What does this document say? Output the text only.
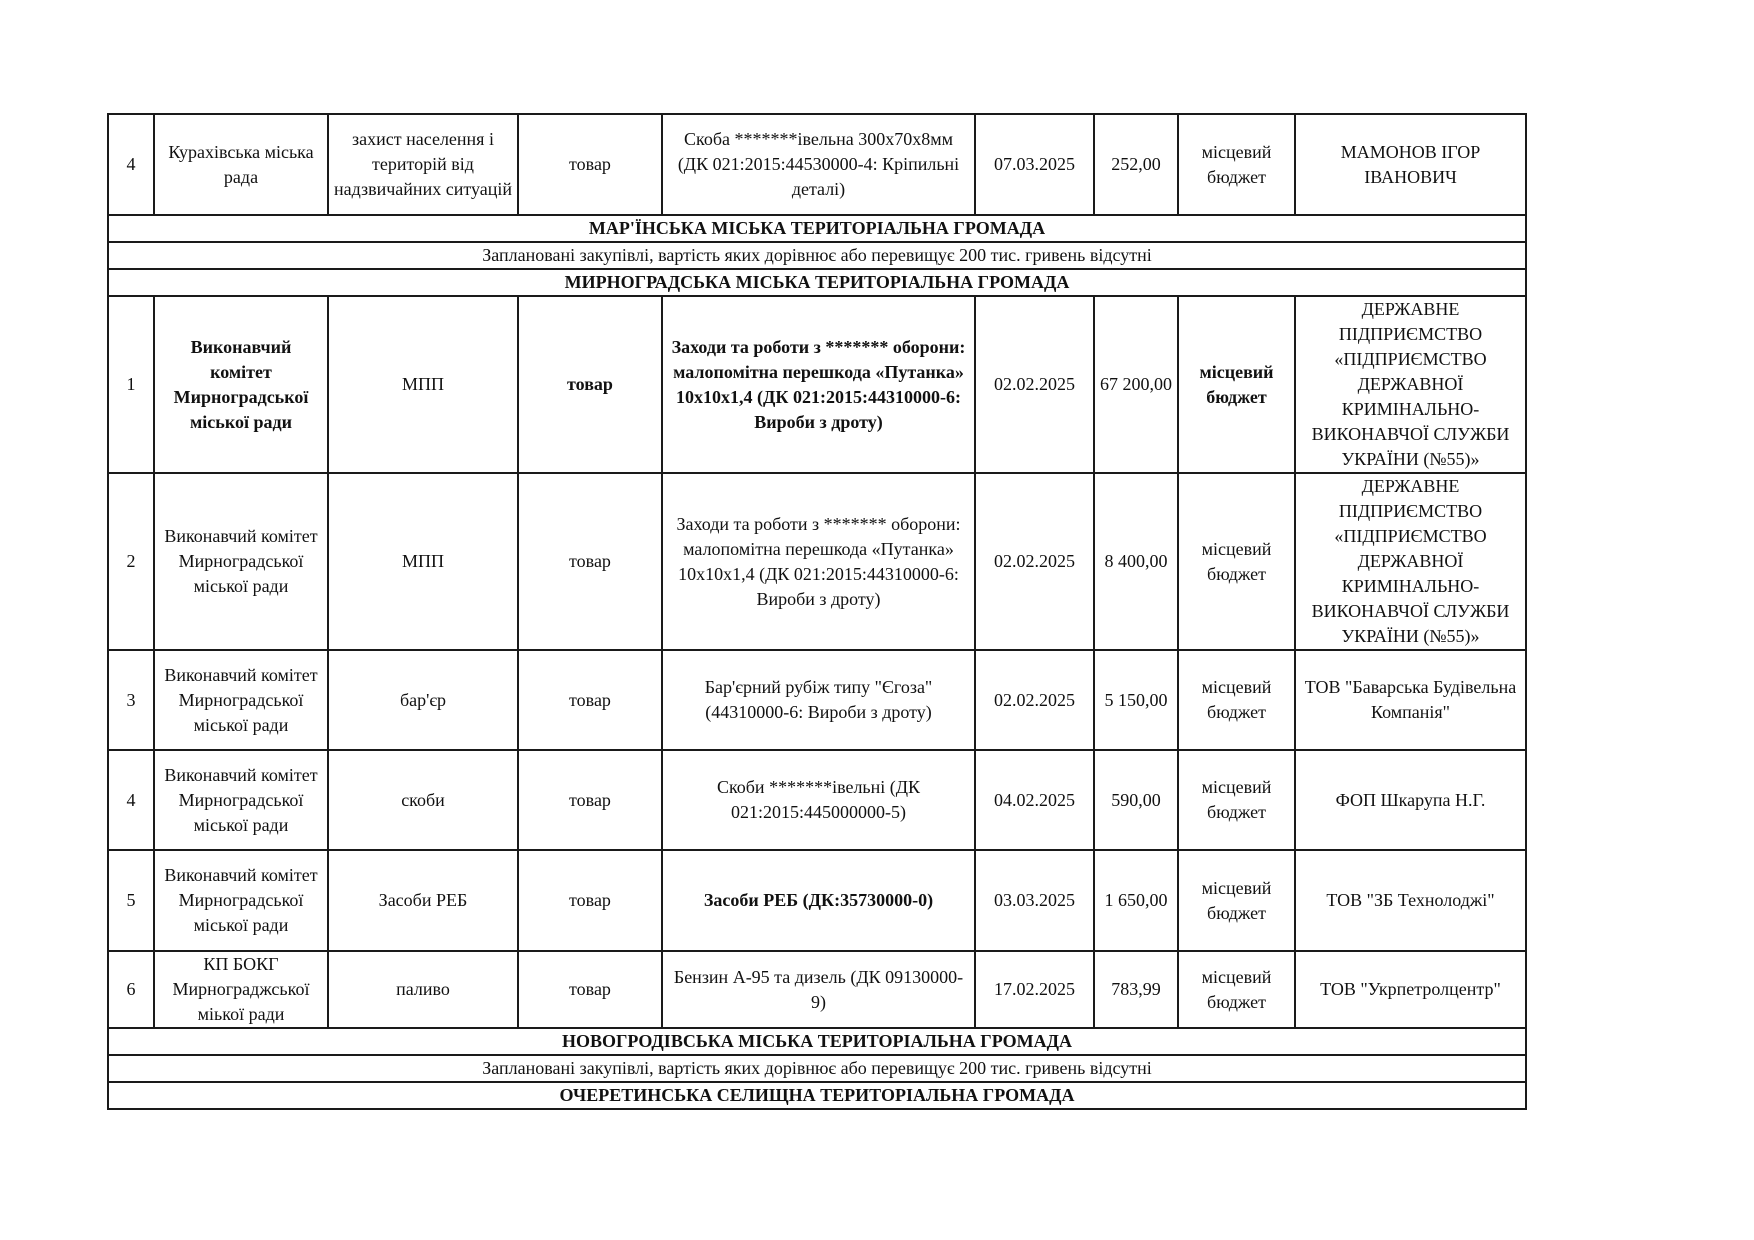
4	Кураxівська міська рада	захист населення і територій від надзвичайних ситуацій	товар	Скоба *******івельна 300х70х8мм (ДК 021:2015:44530000-4: Кріпильні деталі)	07.03.2025	252,00	місцевий бюджет	МАМОНОВ ІГОР ІВАНОВИЧ
МАР'ЇНСЬКА МІСЬКА ТЕРИТОРІАЛЬНА ГРОМАДА								
Заплановані закупівлі, вартість яких дорівнює або перевищує 200 тис. гривень відсутні								
МИРНОГРАДСЬКА МІСЬКА ТЕРИТОРІАЛЬНА ГРОМАДА								
1	Виконавчий комітет Мирноградської міської ради	МПП	товар	Заходи та роботи з ******* оборони: малопомітна перешкода «Путанка» 10х10х1,4 (ДК 021:2015:44310000-6: Вироби з дроту)	02.02.2025	67 200,00	місцевий бюджет	ДЕРЖАВНЕ ПІДПРИЄМСТВО «ПІДПРИЄМСТВО ДЕРЖАВНОЇ КРИМІНАЛЬНО-ВИКОНАВЧОЇ СЛУЖБИ УКРАЇНИ (№55)»
2	Виконавчий комітет Мирноградської міської ради	МПП	товар	Заходи та роботи з ******* оборони: малопомітна перешкода «Путанка» 10х10х1,4 (ДК 021:2015:44310000-6: Вироби з дроту)	02.02.2025	8 400,00	місцевий бюджет	ДЕРЖАВНЕ ПІДПРИЄМСТВО «ПІДПРИЄМСТВО ДЕРЖАВНОЇ КРИМІНАЛЬНО-ВИКОНАВЧОЇ СЛУЖБИ УКРАЇНИ (№55)»
3	Виконавчий комітет Мирноградської міської ради	бар'єр	товар	Бар'єрний рубіж типу "Єгоза" (44310000-6: Вироби з дроту)	02.02.2025	5 150,00	місцевий бюджет	ТОВ "Баварська Будівельна Компанія"
4	Виконавчий комітет Мирноградської міської ради	скоби	товар	Скоби *******івельні (ДК 021:2015:445000000-5)	04.02.2025	590,00	місцевий бюджет	ФОП Шкарупа Н.Г.
5	Виконавчий комітет Мирноградської міської ради	Засоби РЕБ	товар	Засоби РЕБ (ДК:35730000-0)	03.03.2025	1 650,00	місцевий бюджет	ТОВ "ЗБ Технолоджі"
6	КП БОКГ Мирнограджської міької ради	паливо	товар	Бензин А-95 та дизель (ДК 09130000-9)	17.02.2025	783,99	місцевий бюджет	ТОВ "Укрпетролцентр"
НОВОГРОДІВСЬКА МІСЬКА ТЕРИТОРІАЛЬНА ГРОМАДА								
Заплановані закупівлі, вартість яких дорівнює або перевищує 200 тис. гривень відсутні								
ОЧЕРЕТИНСЬКА СЕЛИЩНА ТЕРИТОРІАЛЬНА ГРОМАДА								
